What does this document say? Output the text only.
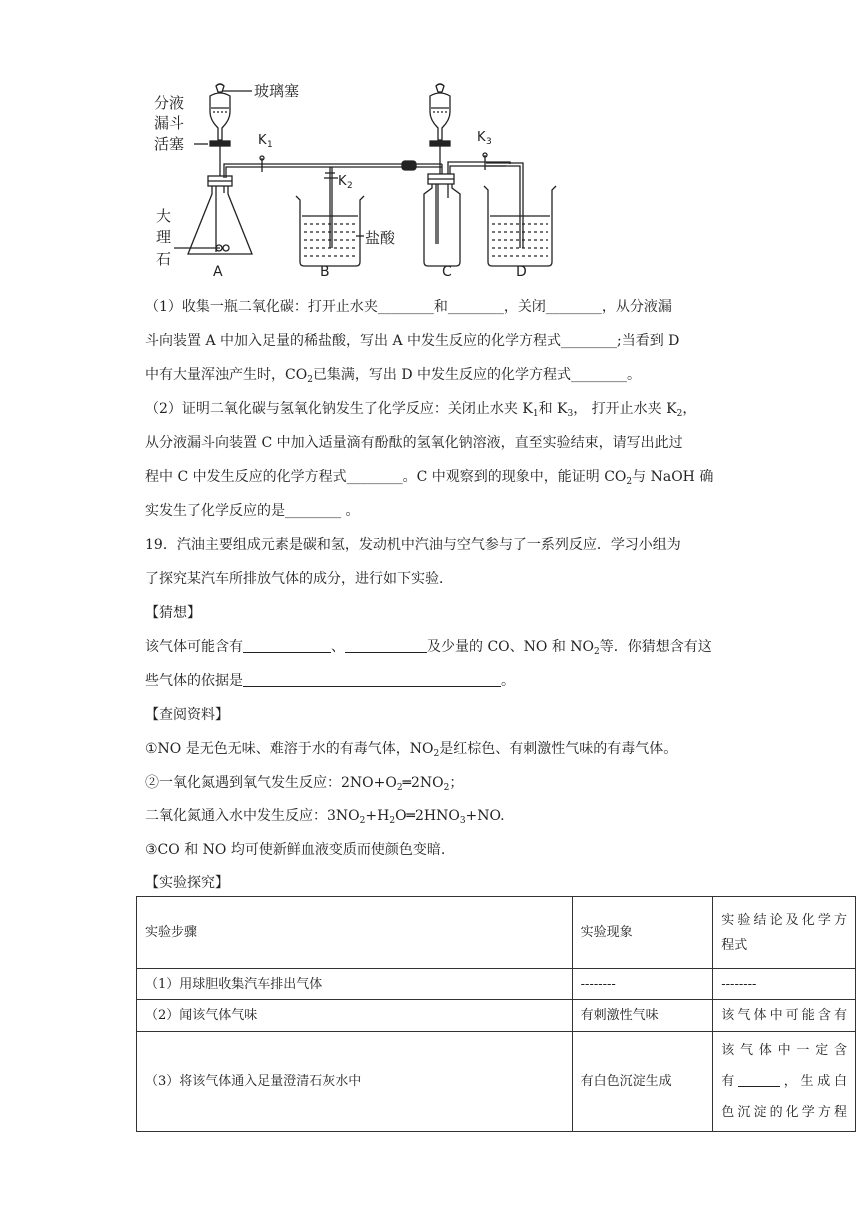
玻璃塞
分液
漏斗
活塞
大
理
石
盐酸
K 1
K 2
K 3
A	B	C	D
（1）收集一瓶二氧化碳：打开止水夹________和________，关闭________，从分液漏
斗向装置 A 中加入足量的稀盐酸，写出 A 中发生反应的化学方程式________;当看到 D
中有大量浑浊产生时，$CO_2$已集满，写出 D 中发生反应的化学方程式________。
（2）证明二氧化碳与氢氧化钠发生了化学反应：关闭止水夹 $K_1$和 $K_3$， 打开止水夹 $K_2$，
从分液漏斗向装置 C 中加入适量滴有酚酞的氢氧化钠溶液，直至实验结束，请写出此过
程中 C 中发生反应的化学方程式________。C 中观察到的现象中，能证明 $CO_2$与 NaOH 确
实发生了化学反应的是________ 。
19．汽油主要组成元素是碳和氢，发动机中汽油与空气参与了一系列反应．学习小组为
了探究某汽车所排放气体的成分，进行如下实验．
【猜想】
该气体可能含有	、	及少量的 CO、NO 和 $NO_2$等．你猜想含有这
些气体的依据是	。
【查阅资料】
①NO 是无色无味、难溶于水的有毒气体，$NO_2$是红棕色、有刺激性气味的有毒气体。
②一氧化氮遇到氧气发生反应：$2NO+O_2═2NO_2$；
二氧化氮通入水中发生反应：$3NO_2+H_2O═2HNO_3+NO$.
③CO 和 NO 均可使新鲜血液变质而使颜色变暗.
【实验探究】
实验步骤	实验现象	实验结论及化学方
程式

（1）用球胆收集汽车排出气体	--------	--------
（2）闻该气体气味	有刺激性气味	该气体中可能含有
（3）将该气体通入足量澄清石灰水中	有白色沉淀生成	该气体中一定含
有 ，生成白
色沉淀的化学方程
